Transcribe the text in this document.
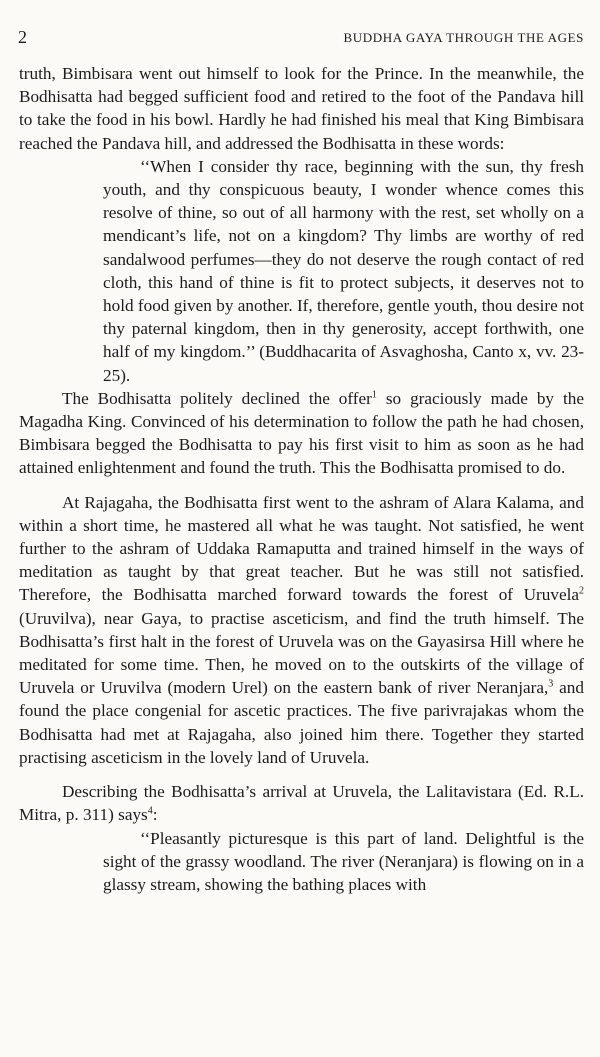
2	BUDDHA GAYA THROUGH THE AGES

truth, Bimbisara went out himself to look for the Prince. In the meanwhile, the Bodhisatta had begged sufficient food and retired to the foot of the Pandava hill to take the food in his bowl. Hardly he had finished his meal that King Bimbisara reached the Pandava hill, and addressed the Bodhisatta in these words:

‘‘When I consider thy race, beginning with the sun, thy fresh youth, and thy conspicuous beauty, I wonder whence comes this resolve of thine, so out of all harmony with the rest, set wholly on a mendicant’s life, not on a kingdom? Thy limbs are worthy of red sandalwood perfumes—they do not deserve the rough contact of red cloth, this hand of thine is fit to protect subjects, it deserves not to hold food given by another. If, therefore, gentle youth, thou desire not thy paternal kingdom, then in thy generosity, accept forthwith, one half of my kingdom.’’ (Buddhacarita of Asvaghosha, Canto x, vv. 23-25).

The Bodhisatta politely declined the offer$^1$ so graciously made by the Magadha King. Convinced of his determination to follow the path he had chosen, Bimbisara begged the Bodhisatta to pay his first visit to him as soon as he had attained enlightenment and found the truth. This the Bodhisatta promised to do.

At Rajagaha, the Bodhisatta first went to the ashram of Alara Kalama, and within a short time, he mastered all what he was taught. Not satisfied, he went further to the ashram of Uddaka Ramaputta and trained himself in the ways of meditation as taught by that great teacher. But he was still not satisfied. Therefore, the Bodhisatta marched forward towards the forest of Uruvela$^2$ (Uruvilva), near Gaya, to practise asceticism, and find the truth himself. The Bodhisatta’s first halt in the forest of Uruvela was on the Gayasirsa Hill where he meditated for some time. Then, he moved on to the outskirts of the village of Uruvela or Uruvilva (modern Urel) on the eastern bank of river Neranjara,$^3$ and found the place congenial for ascetic practices. The five parivrajakas whom the Bodhisatta had met at Rajagaha, also joined him there. Together they started practising asceticism in the lovely land of Uruvela.

Describing the Bodhisatta’s arrival at Uruvela, the Lalitavistara (Ed. R.L. Mitra, p. 311) says$^4$:

‘‘Pleasantly picturesque is this part of land. Delightful is the sight of the grassy woodland. The river (Neranjara) is flowing on in a glassy stream, showing the bathing places with
